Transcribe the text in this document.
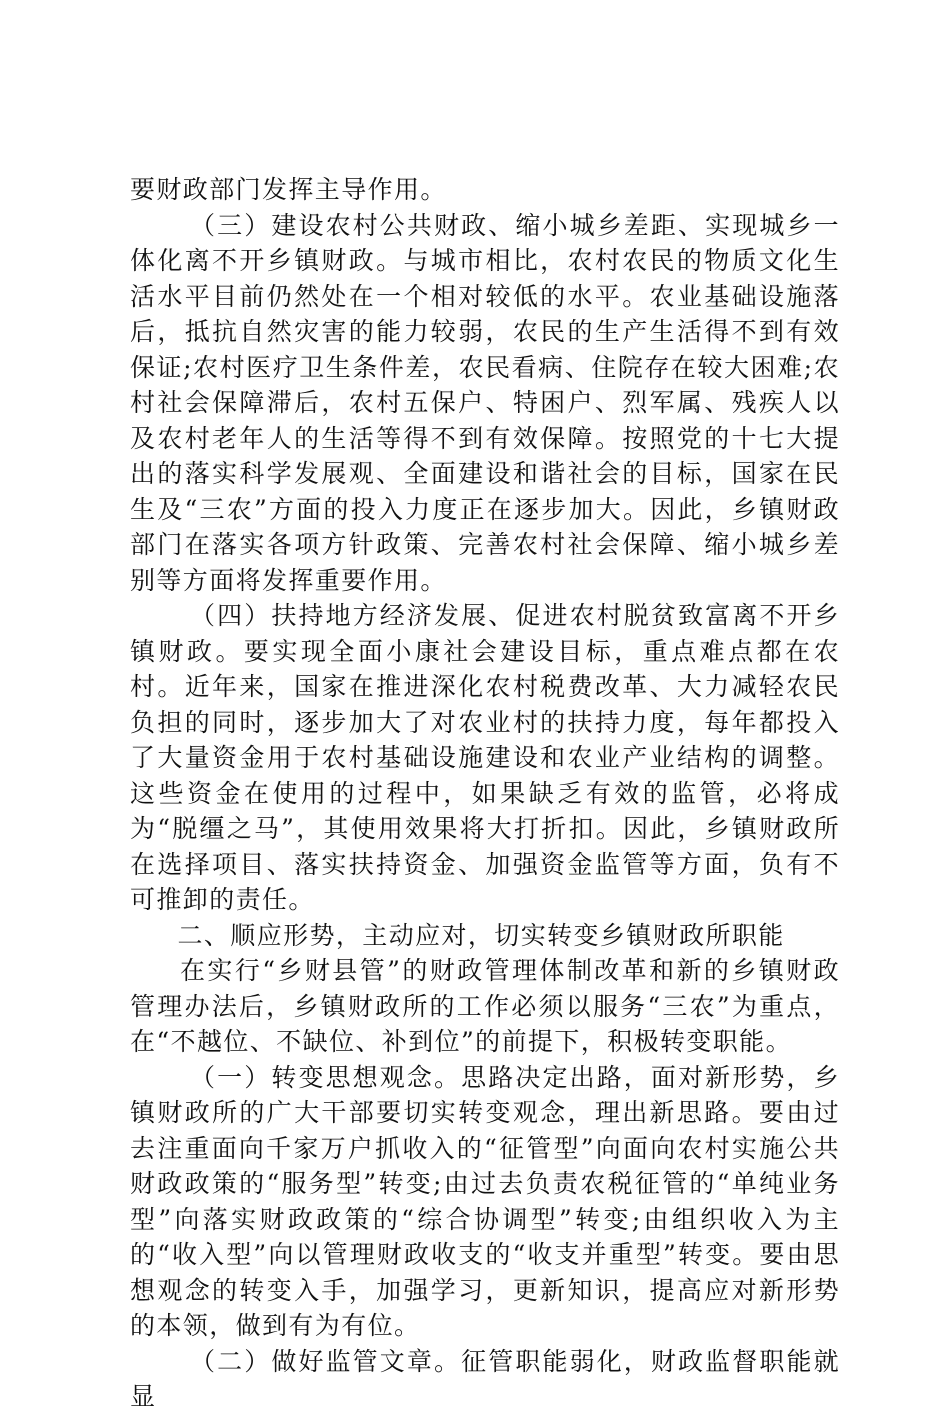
要财政部门发挥主导作用。

（三）建设农村公共财政、缩小城乡差距、实现城乡一体化离不开乡镇财政。与城市相比，农村农民的物质文化生活水平目前仍然处在一个相对较低的水平。农业基础设施落后，抵抗自然灾害的能力较弱，农民的生产生活得不到有效保证;农村医疗卫生条件差，农民看病、住院存在较大困难;农村社会保障滞后，农村五保户、特困户、烈军属、残疾人以及农村老年人的生活等得不到有效保障。按照党的十七大提出的落实科学发展观、全面建设和谐社会的目标，国家在民生及“三农”方面的投入力度正在逐步加大。因此，乡镇财政部门在落实各项方针政策、完善农村社会保障、缩小城乡差别等方面将发挥重要作用。

（四）扶持地方经济发展、促进农村脱贫致富离不开乡镇财政。要实现全面小康社会建设目标，重点难点都在农村。近年来，国家在推进深化农村税费改革、大力减轻农民负担的同时，逐步加大了对农业村的扶持力度，每年都投入了大量资金用于农村基础设施建设和农业产业结构的调整。这些资金在使用的过程中，如果缺乏有效的监管，必将成为“脱缰之马”，其使用效果将大打折扣。因此，乡镇财政所在选择项目、落实扶持资金、加强资金监管等方面，负有不可推卸的责任。

二、顺应形势，主动应对，切实转变乡镇财政所职能

在实行“乡财县管”的财政管理体制改革和新的乡镇财政管理办法后，乡镇财政所的工作必须以服务“三农”为重点，在“不越位、不缺位、补到位”的前提下，积极转变职能。

（一）转变思想观念。思路决定出路，面对新形势，乡镇财政所的广大干部要切实转变观念，理出新思路。要由过去注重面向千家万户抓收入的“征管型”向面向农村实施公共财政政策的“服务型”转变;由过去负责农税征管的“单纯业务型”向落实财政政策的“综合协调型”转变;由组织收入为主的“收入型”向以管理财政收支的“收支并重型”转变。要由思想观念的转变入手，加强学习，更新知识，提高应对新形势的本领，做到有为有位。

（二）做好监管文章。征管职能弱化，财政监督职能就显
